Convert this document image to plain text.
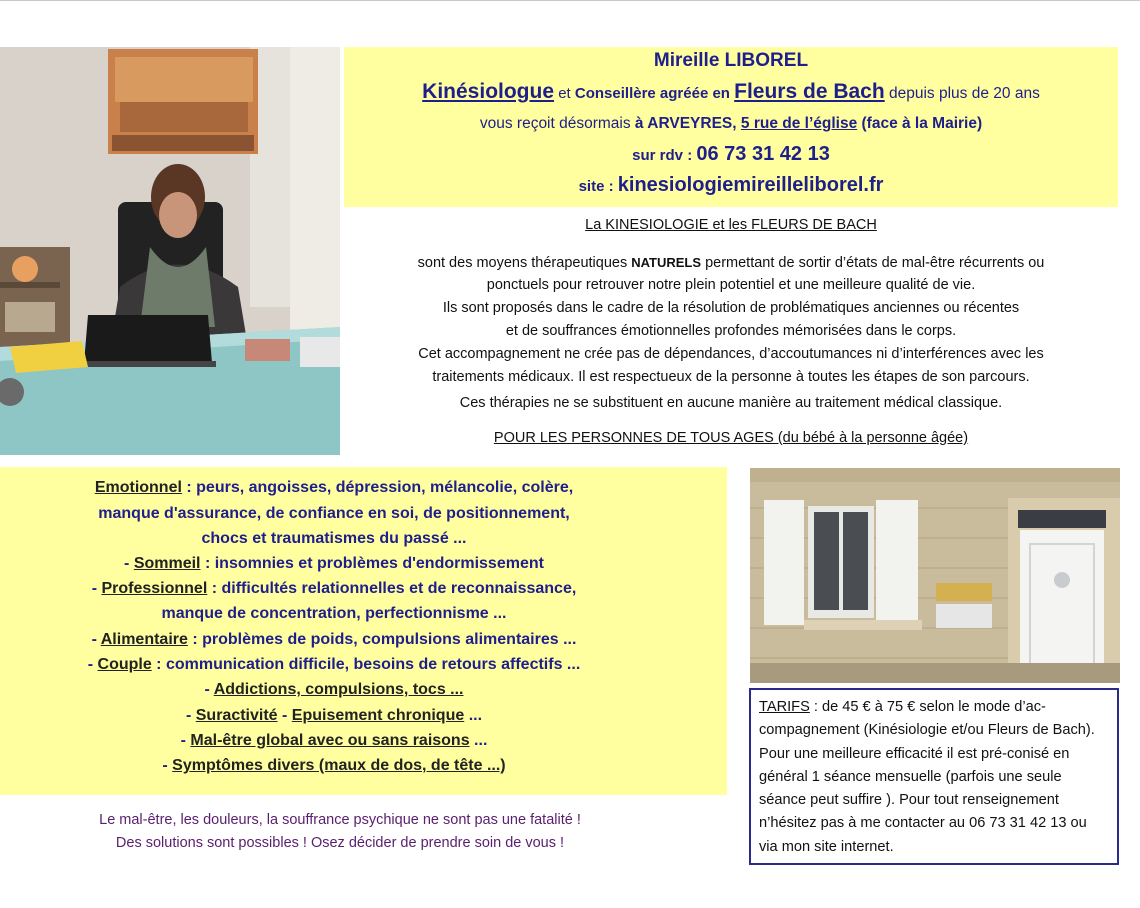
Mireille LIBOREL
Kinésiologue et Conseillère agréée en Fleurs de Bach depuis plus de 20 ans
vous reçoit désormais à ARVEYRES, 5 rue de l’église (face à la Mairie)
sur rdv : 06 73 31 42 13
site : kinesiologiemireilleliborel.fr
La KINESIOLOGIE et les FLEURS DE BACH
sont des moyens thérapeutiques NATURELS permettant de sortir d’états de mal-être récurrents ou
ponctuels pour retrouver notre plein potentiel et une meilleure qualité de vie.
Ils sont proposés dans le cadre de la résolution de problématiques anciennes ou récentes
et de souffrances émotionnelles profondes mémorisées dans le corps.
Cet accompagnement ne crée pas de dépendances, d’accoutumances ni d’interférences avec les
traitements médicaux. Il est respectueux de la personne à toutes les étapes de son parcours.
Ces thérapies ne se substituent en aucune manière au traitement médical classique.
POUR LES PERSONNES DE TOUS AGES (du bébé à la personne âgée)
Emotionnel : peurs, angoisses, dépression, mélancolie, colère,
manque d'assurance, de confiance en soi, de positionnement,
chocs et traumatismes du passé ...
- Sommeil : insomnies et problèmes d'endormissement
- Professionnel : difficultés relationnelles et de reconnaissance,
manque de concentration, perfectionnisme ...
- Alimentaire : problèmes de poids, compulsions alimentaires ...
- Couple : communication difficile, besoins de retours affectifs ...
- Addictions, compulsions, tocs ...
- Suractivité - Epuisement chronique ...
- Mal-être global avec ou sans raisons ...
- Symptômes divers (maux de dos, de tête ...)
Le mal-être, les douleurs, la souffrance psychique ne sont pas une fatalité !
Des solutions sont possibles ! Osez décider de prendre soin de vous !
TARIFS : de 45 € à 75 € selon le mode d’ac-compagnement (Kinésiologie et/ou Fleurs de Bach). Pour une meilleure efficacité il est pré-conisé en général 1 séance mensuelle (parfois une seule séance peut suffire ). Pour tout renseignement n’hésitez pas à me contacter au 06 73 31 42 13 ou via mon site internet.
